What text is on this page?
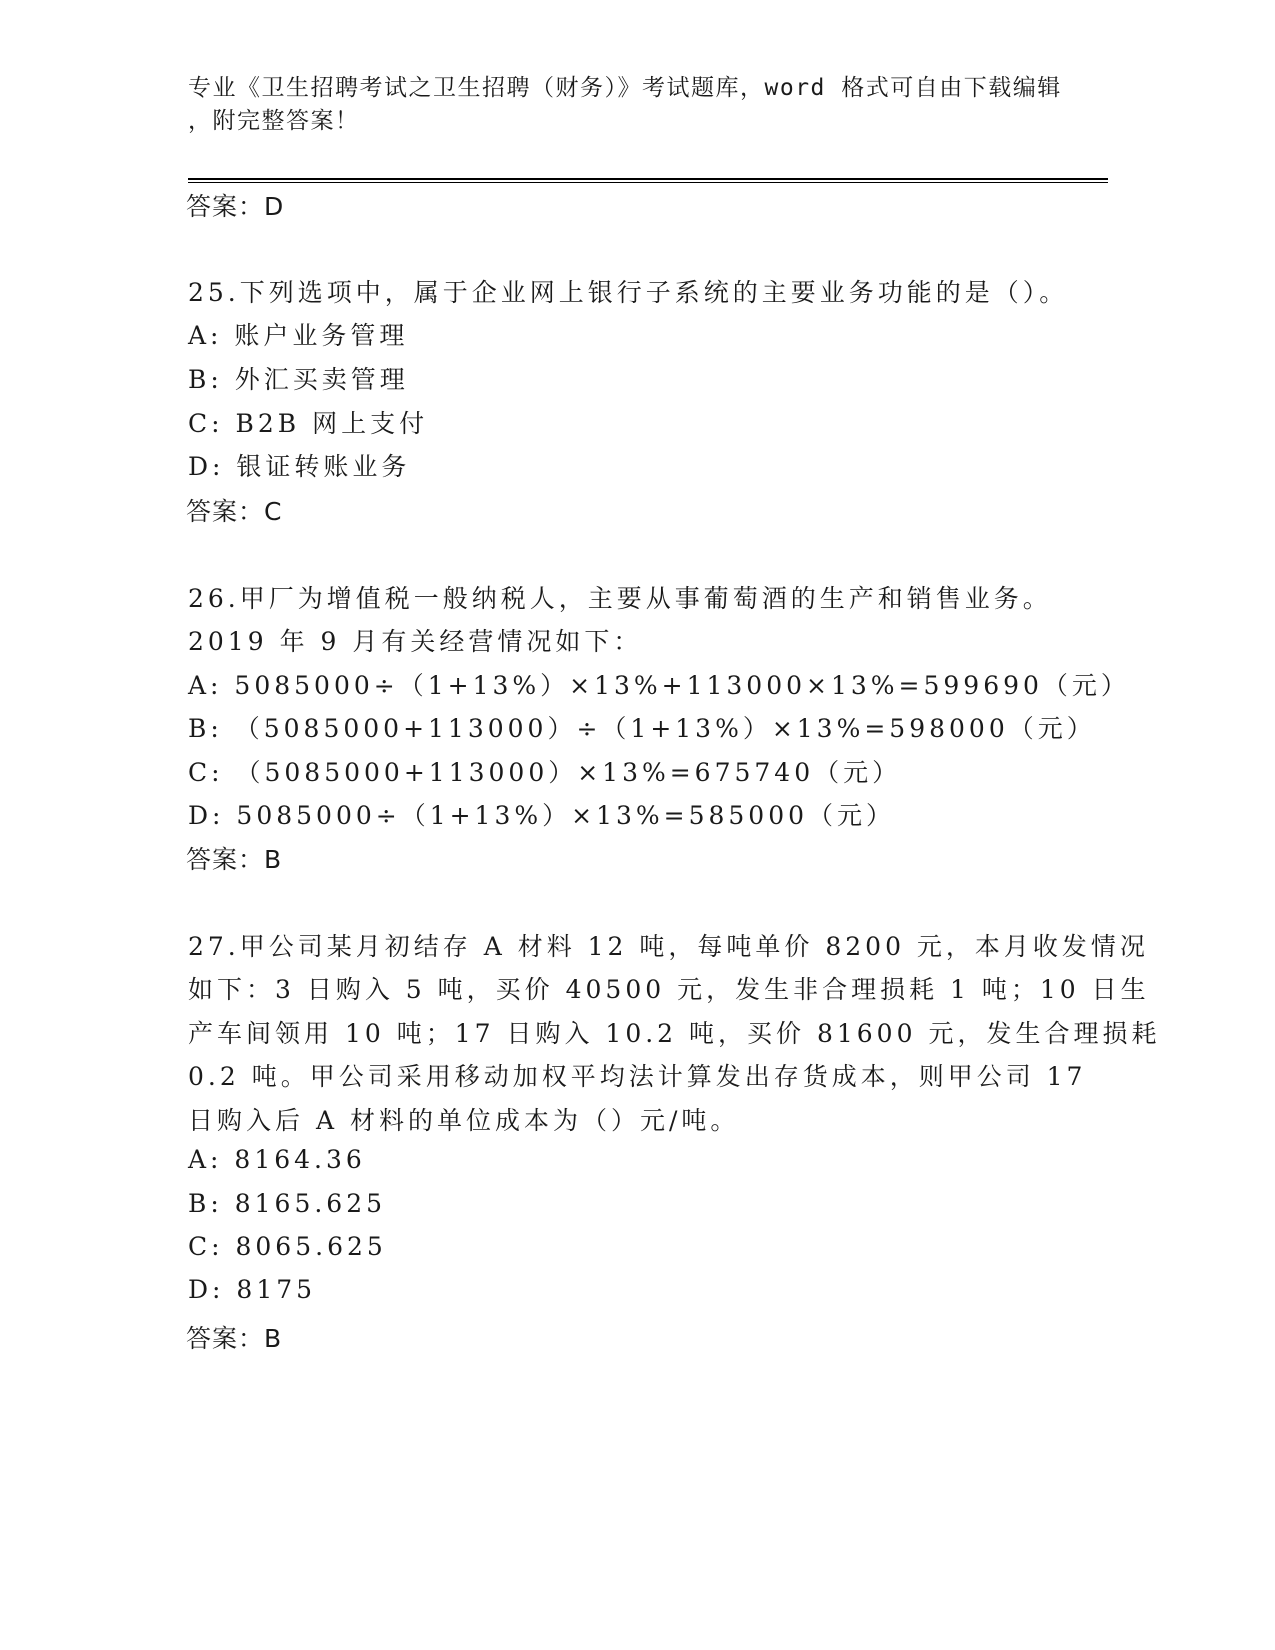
专业《卫生招聘考试之卫生招聘（财务）》考试题库，word 格式可自由下载编辑
，附完整答案！
答案：D
25.下列选项中，属于企业网上银行子系统的主要业务功能的是（）。
A: 账户业务管理
B: 外汇买卖管理
C: B2B 网上支付
D: 银证转账业务
答案：C
26.甲厂为增值税一般纳税人，主要从事葡萄酒的生产和销售业务。
2019 年 9 月有关经营情况如下：
A: 5085000÷（1+13%）×13%+113000×13%=599690（元）
B: （5085000+113000）÷（1+13%）×13%=598000（元）
C: （5085000+113000）×13%=675740（元）
D: 5085000÷（1+13%）×13%=585000（元）
答案：B
27.甲公司某月初结存 A 材料 12 吨，每吨单价 8200 元，本月收发情况
如下：3 日购入 5 吨，买价 40500 元，发生非合理损耗 1 吨；10 日生
产车间领用 10 吨；17 日购入 10.2 吨，买价 81600 元，发生合理损耗
0.2 吨。甲公司采用移动加权平均法计算发出存货成本，则甲公司 17
日购入后 A 材料的单位成本为（）元/吨。
A: 8164.36
B: 8165.625
C: 8065.625
D: 8175
答案：B
